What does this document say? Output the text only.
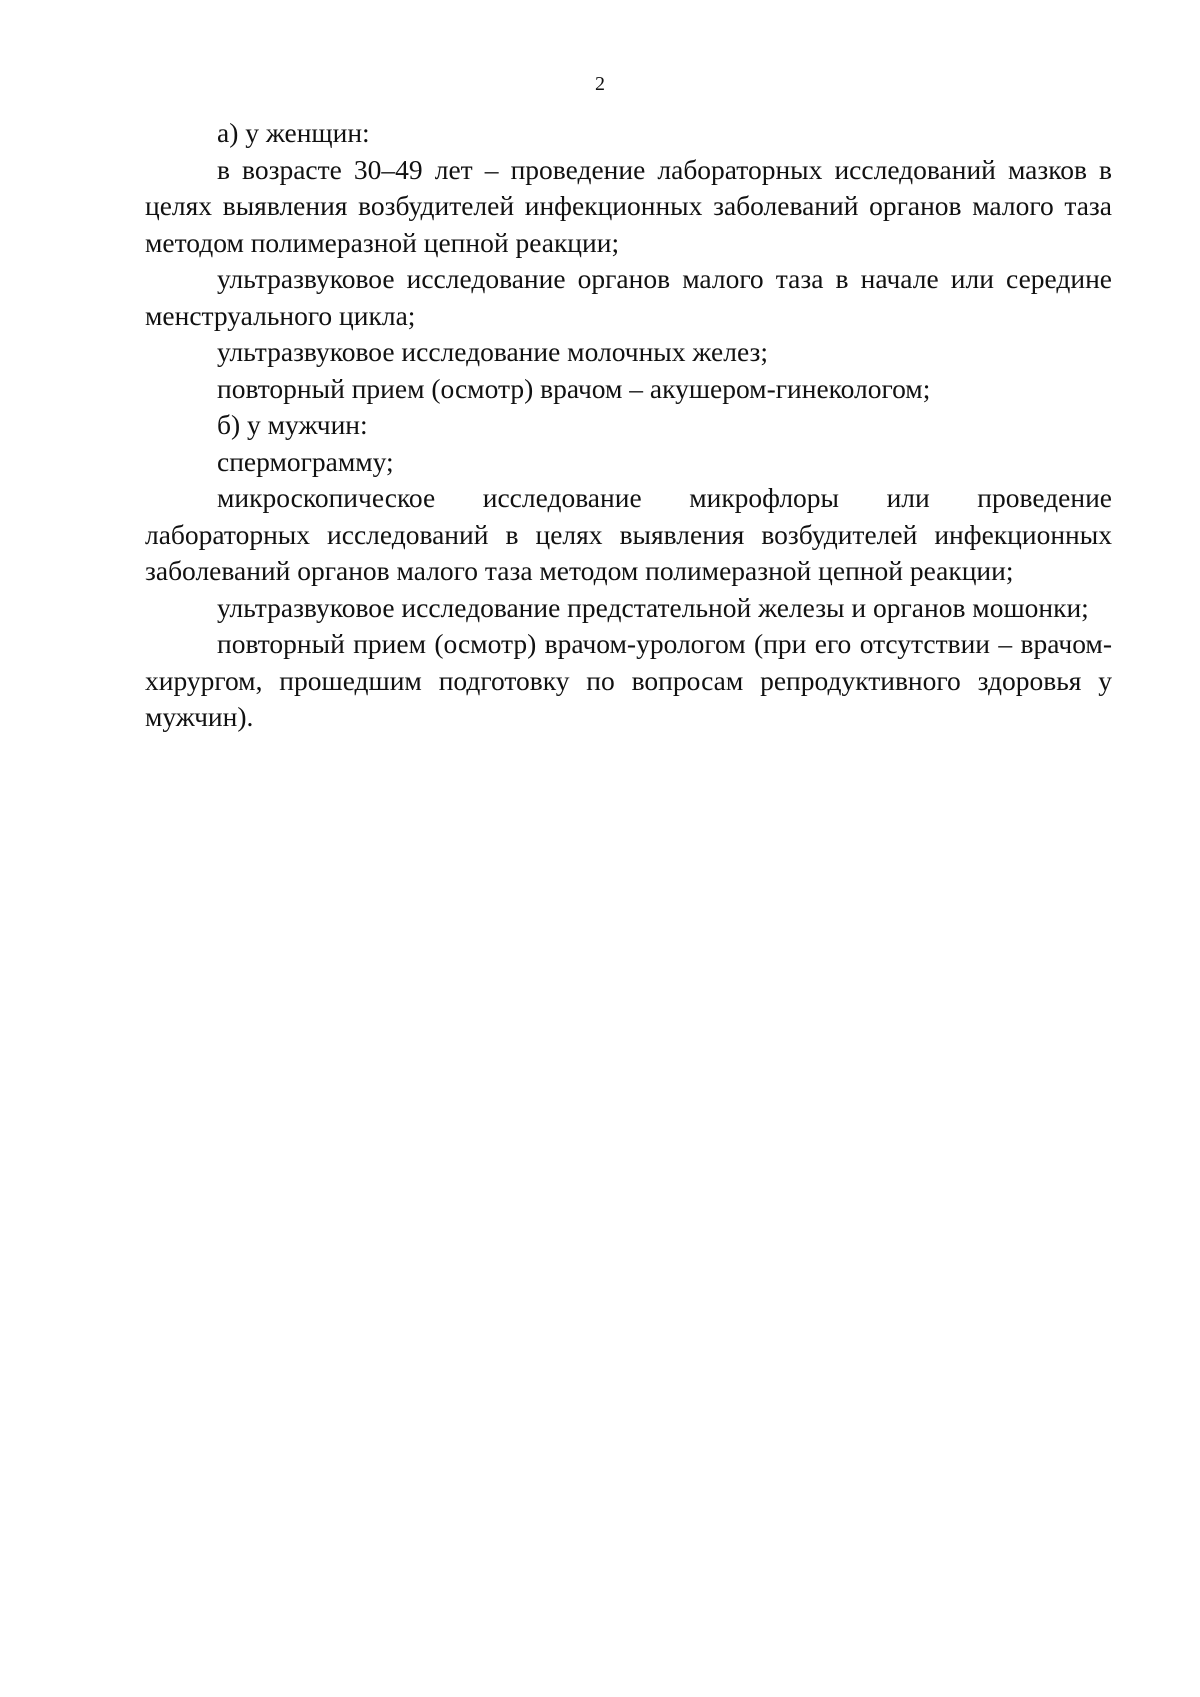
2

а) у женщин:

в возрасте 30–49 лет – проведение лабораторных исследований мазков в целях выявления возбудителей инфекционных заболеваний органов малого таза методом полимеразной цепной реакции;

ультразвуковое исследование органов малого таза в начале или середине менструального цикла;

ультразвуковое исследование молочных желез;

повторный прием (осмотр) врачом – акушером-гинекологом;

б) у мужчин:

спермограмму;

микроскопическое исследование микрофлоры или проведение лабораторных исследований в целях выявления возбудителей инфекционных заболеваний органов малого таза методом полимеразной цепной реакции;

ультразвуковое исследование предстательной железы и органов мошонки;

повторный прием (осмотр) врачом-урологом (при его отсутствии – врачом-хирургом, прошедшим подготовку по вопросам репродуктивного здоровья у мужчин).
